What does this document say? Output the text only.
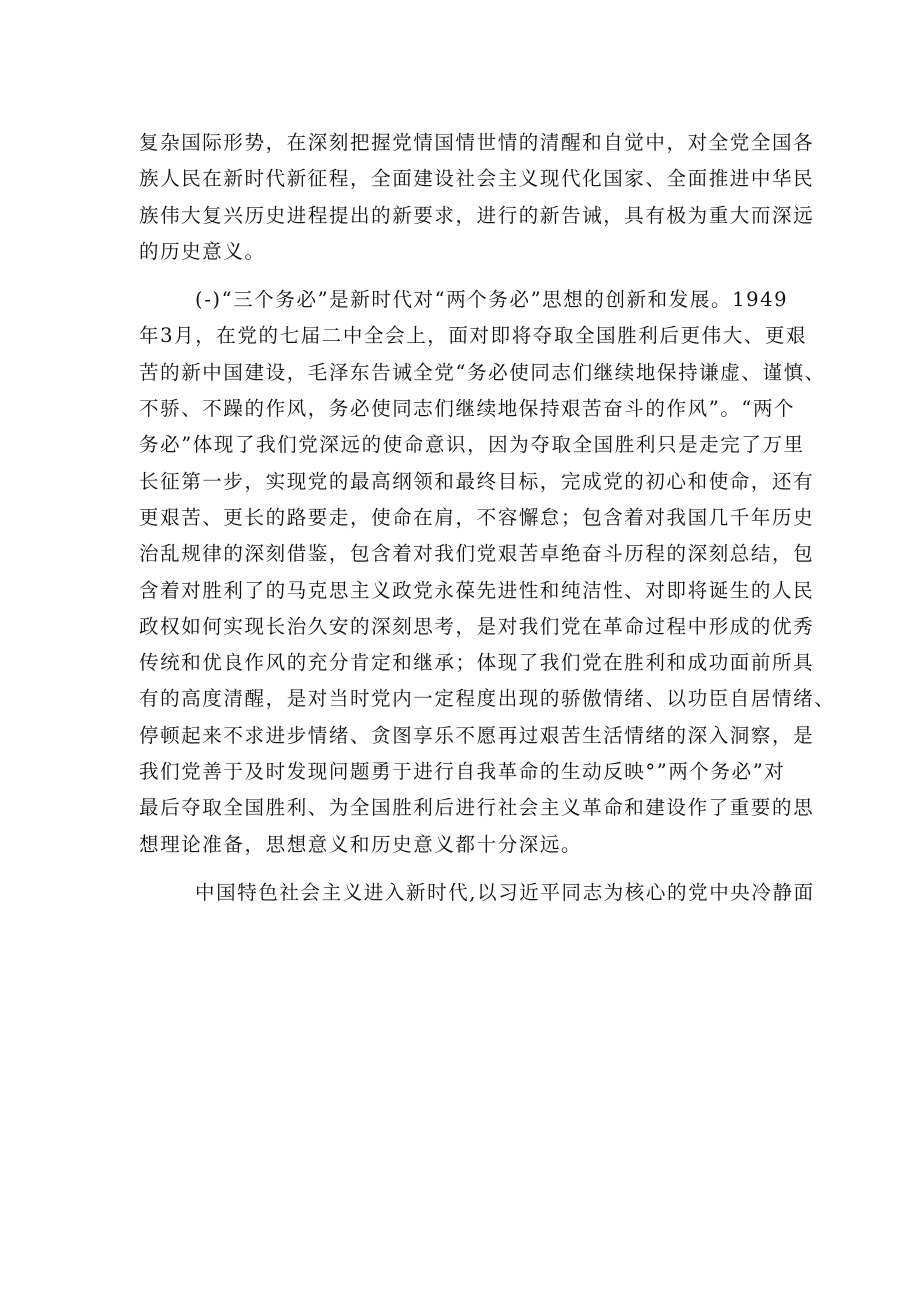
复杂国际形势，在深刻把握党情国情世情的清醒和自觉中，对全党全国各
族人民在新时代新征程，全面建设社会主义现代化国家、全面推进中华民
族伟大复兴历史进程提出的新要求，进行的新告诫，具有极为重大而深远
的历史意义。
(-)“三个务必”是新时代对“两个务必”思想的创新和发展。1949
年3月，在党的七届二中全会上，面对即将夺取全国胜利后更伟大、更艰
苦的新中国建设，毛泽东告诫全党“务必使同志们继续地保持谦虚、谨慎、
不骄、不躁的作风，务必使同志们继续地保持艰苦奋斗的作风”。“两个
务必”体现了我们党深远的使命意识，因为夺取全国胜利只是走完了万里
长征第一步，实现党的最高纲领和最终目标，完成党的初心和使命，还有
更艰苦、更长的路要走，使命在肩，不容懈怠；包含着对我国几千年历史
治乱规律的深刻借鉴，包含着对我们党艰苦卓绝奋斗历程的深刻总结，包
含着对胜利了的马克思主义政党永葆先进性和纯洁性、对即将诞生的人民
政权如何实现长治久安的深刻思考，是对我们党在革命过程中形成的优秀
传统和优良作风的充分肯定和继承；体现了我们党在胜利和成功面前所具
有的高度清醒，是对当时党内一定程度出现的骄傲情绪、以功臣自居情绪、
停顿起来不求进步情绪、贪图享乐不愿再过艰苦生活情绪的深入洞察，是
我们党善于及时发现问题勇于进行自我革命的生动反映°”两个务必”对
最后夺取全国胜利、为全国胜利后进行社会主义革命和建设作了重要的思
想理论准备，思想意义和历史意义都十分深远。
中国特色社会主义进入新时代,以习近平同志为核心的党中央冷静面
